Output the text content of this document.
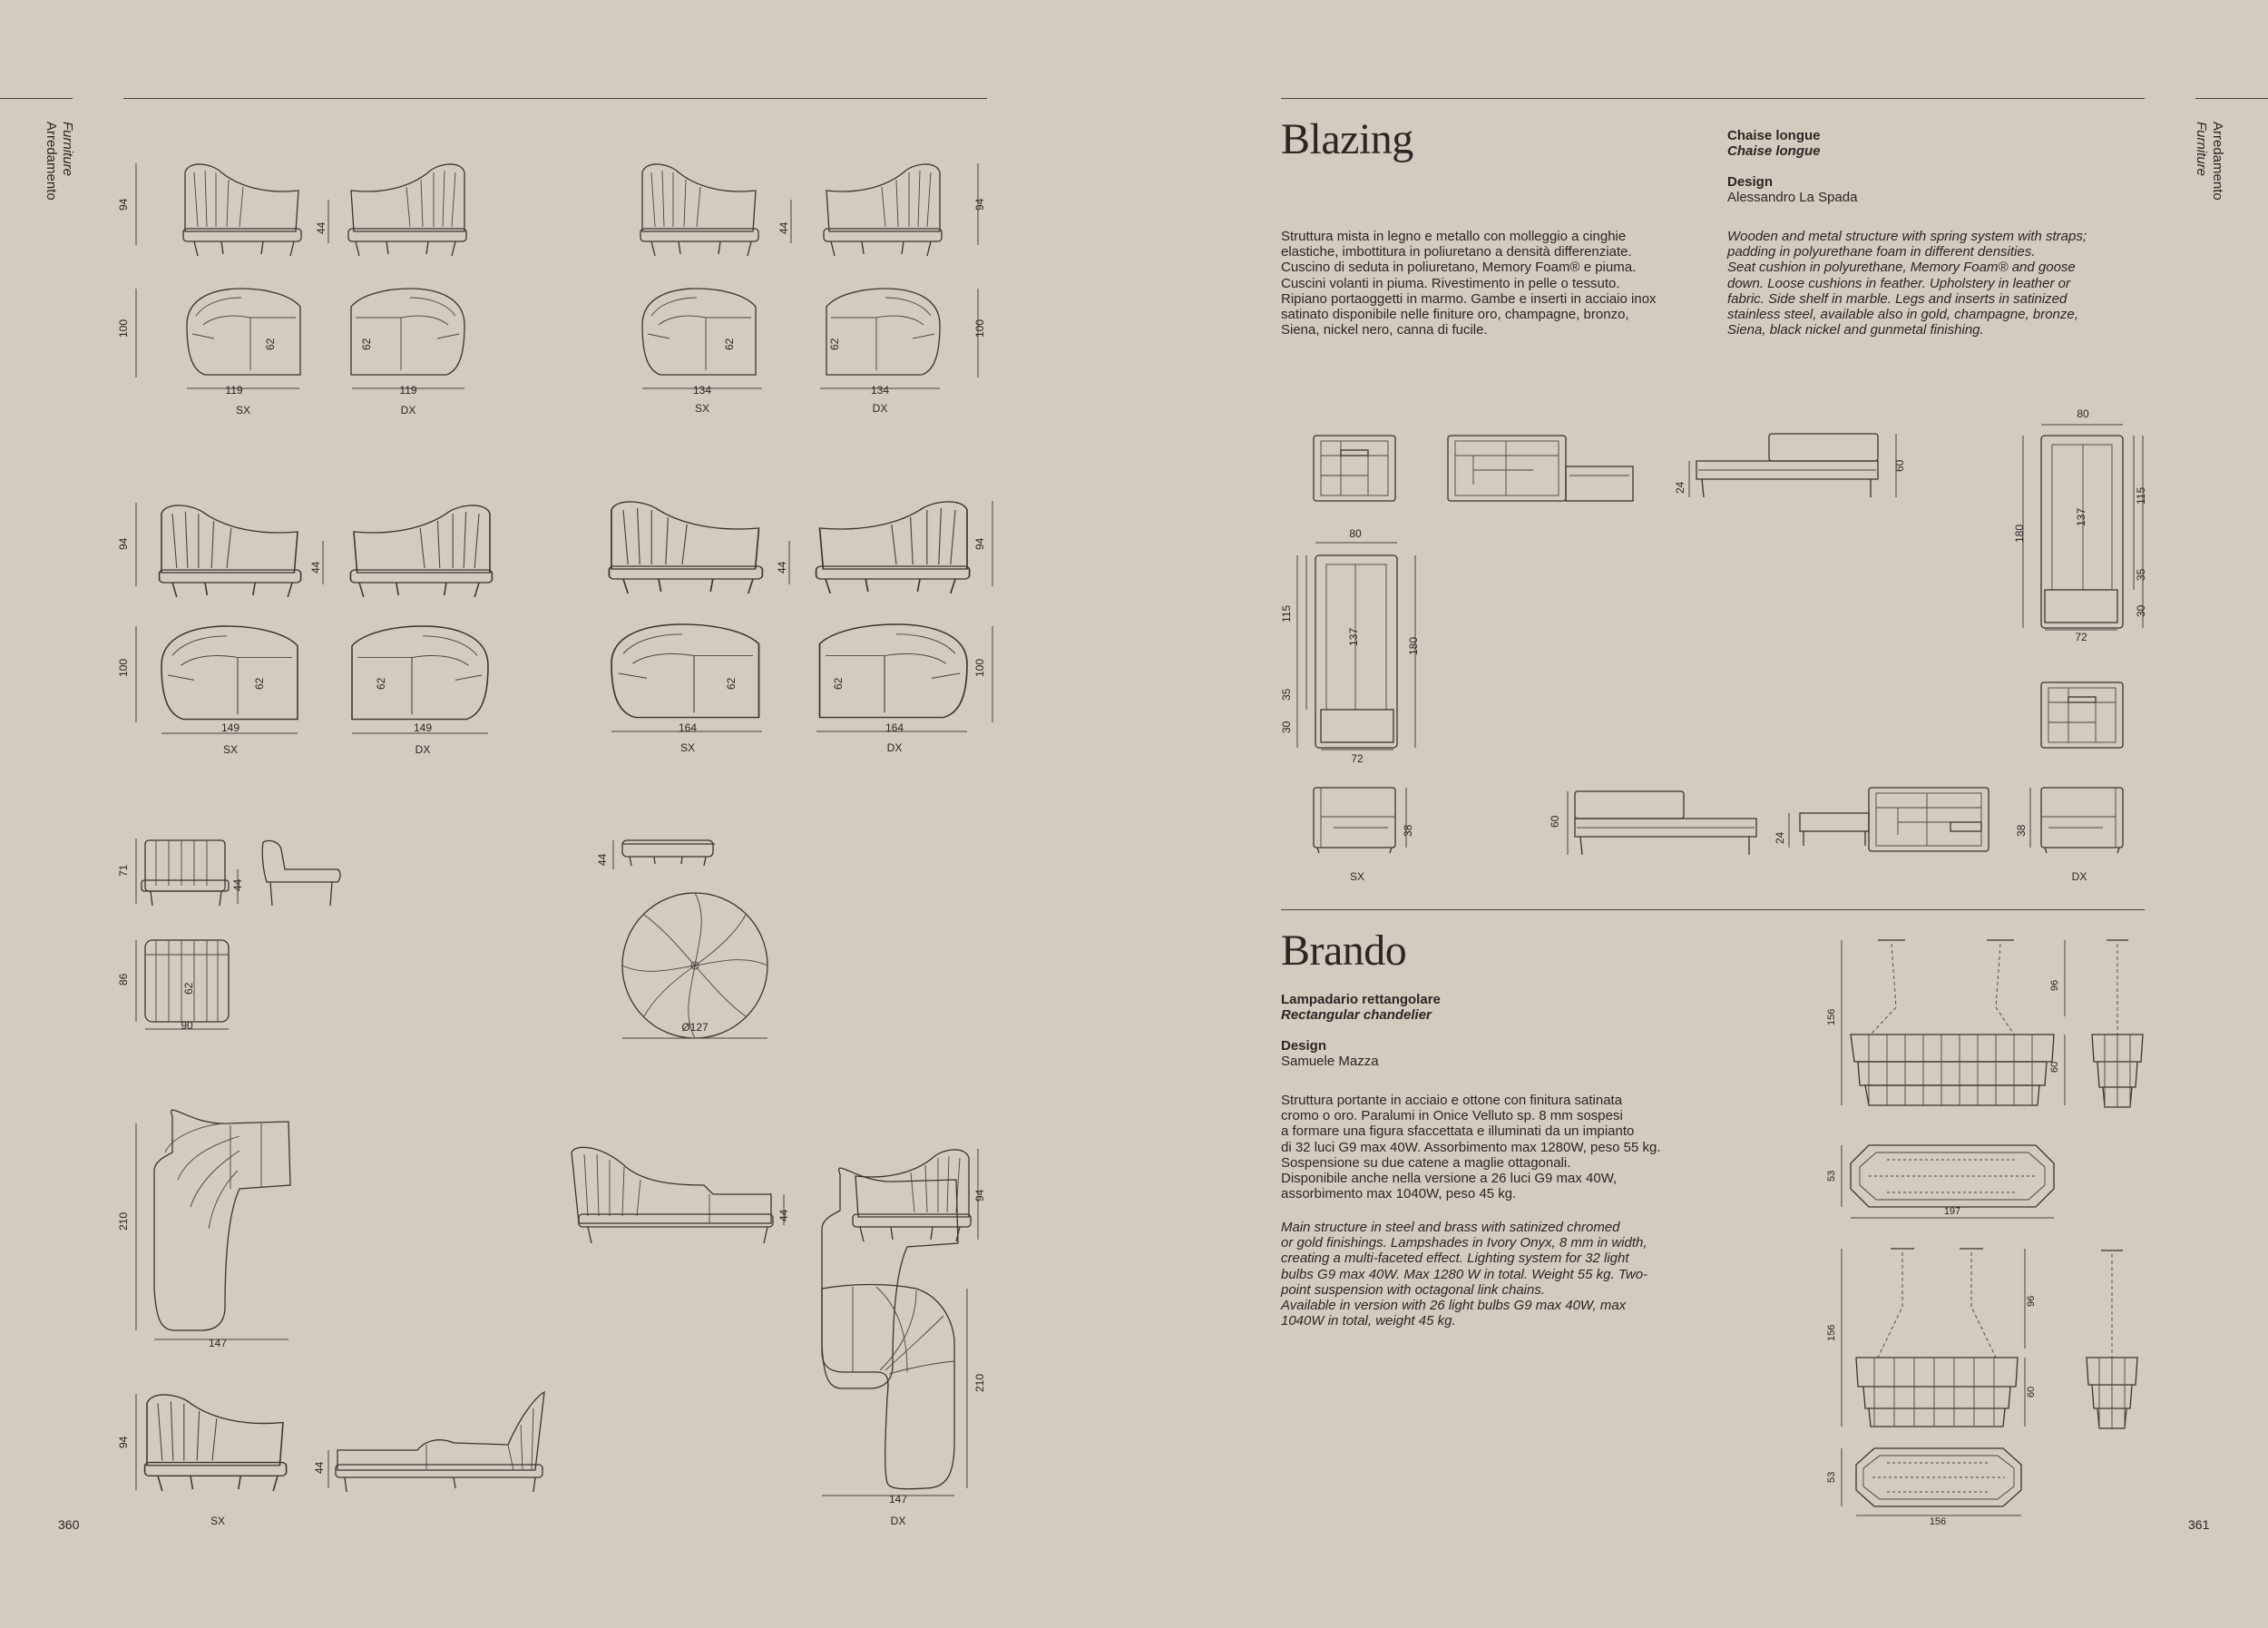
Arredamento Furniture	Arredamento
Furniture
360	361
Blazing	Chaise longue
Chaise longue
Design
Alessandro La Spada
Struttura mista in legno e metallo con molleggio a cinghie
elastiche, imbottitura in poliuretano a densità differenziate.
Cuscino di seduta in poliuretano, Memory Foam® e piuma.
Cuscini volanti in piuma. Rivestimento in pelle o tessuto.
Ripiano portaoggetti in marmo. Gambe e inserti in acciaio inox
satinato disponibile nelle finiture oro, champagne, bronzo,
Siena, nickel nero, canna di fucile.
Wooden and metal structure with spring system with straps;
padding in polyurethane foam in different densities.
Seat cushion in polyurethane, Memory Foam® and goose
down. Loose cushions in feather. Upholstery in leather or
fabric. Side shelf in marble. Legs and inserts in satinized
stainless steel, available also in gold, champagne, bronze,
Siena, black nickel and gunmetal finishing.
Brando
Lampadario rettangolare
Rectangular chandelier
Design
Samuele Mazza
Struttura portante in acciaio e ottone con finitura satinata
cromo o oro. Paralumi in Onice Velluto sp. 8 mm sospesi
a formare una figura sfaccettata e illuminati da un impianto
di 32 luci G9 max 40W. Assorbimento max 1280W, peso 55 kg.
Sospensione su due catene a maglie ottagonali.
Disponibile anche nella versione a 26 luci G9 max 40W,
assorbimento max 1040W, peso 45 kg.
Main structure in steel and brass with satinized chromed
or gold finishings. Lampshades in Ivory Onyx, 8 mm in width,
creating a multi-faceted effect. Lighting system for 32 light
bulbs G9 max 40W. Max 1280 W in total. Weight 55 kg. Two-
point suspension with octagonal link chains.
Available in version with 26 light bulbs G9 max 40W, max
1040W in total, weight 45 kg.
94
44	44
94
100
62	62
119	119
SX	DX
100
62	62
134	134
SX	DX
94
44	44
94
100
62	62
149	149
SX	DX
100
62	62
164	164
SX	DX
71
44
86
62
90
44
Ø127
210
147
44
94
210
147
94
44
SX	DX
24
60
80
115
137	180
35
30
72
80
180
137
115
35
30
72
38
SX
60
24
38
DX
156
96
60
53
197
156
96
60
53
156
